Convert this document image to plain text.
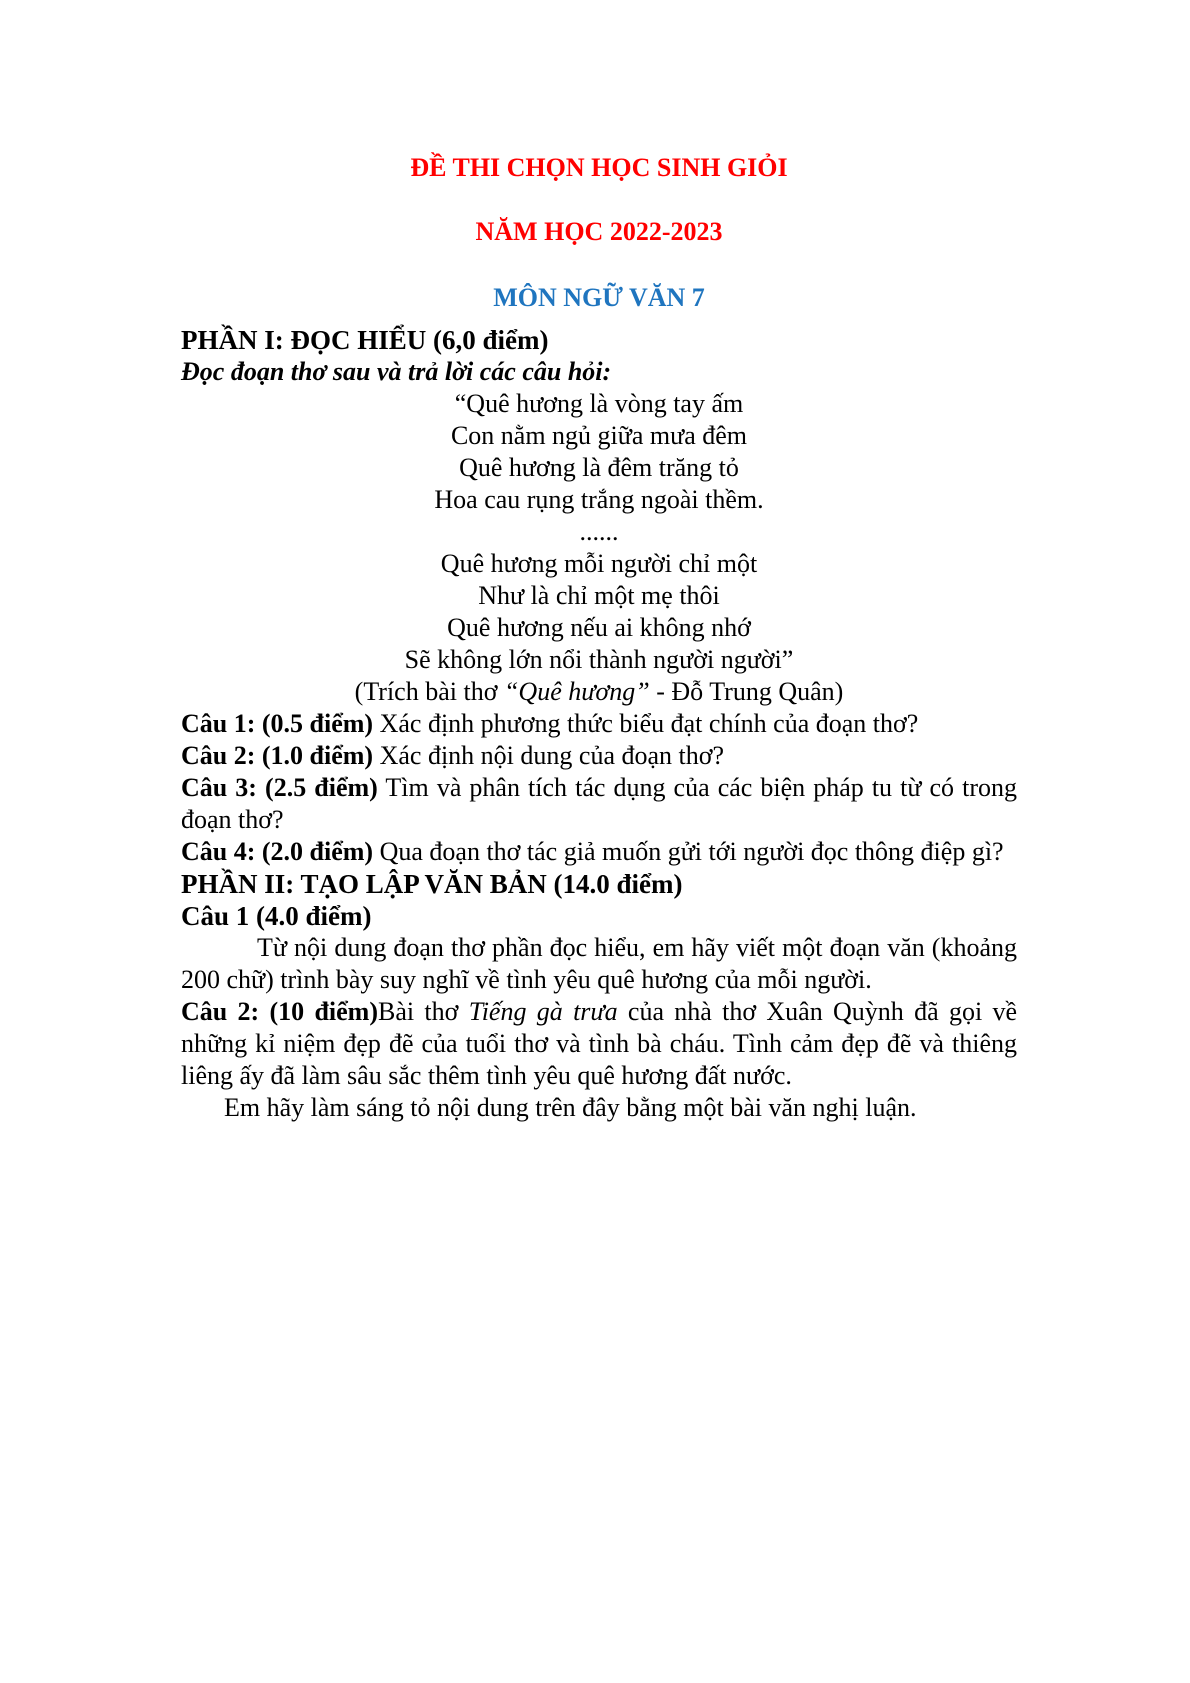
ĐỀ THI CHỌN HỌC SINH GIỎI
NĂM HỌC 2022-2023
MÔN NGỮ VĂN 7
PHẦN I: ĐỌC HIỂU (6,0 điểm)
Đọc đoạn thơ sau và trả lời các câu hỏi:
“Quê hương là vòng tay ấm
Con nằm ngủ giữa mưa đêm
Quê hương là đêm trăng tỏ
Hoa cau rụng trắng ngoài thềm.
......
Quê hương mỗi người chỉ một
Như là chỉ một mẹ thôi
Quê hương nếu ai không nhớ
Sẽ không lớn nổi thành người người”
(Trích bài thơ “Quê hương” - Đỗ Trung Quân)

Câu 1: (0.5 điểm) Xác định phương thức biểu đạt chính của đoạn thơ?

Câu 2: (1.0 điểm) Xác định nội dung của đoạn thơ?

Câu 3: (2.5 điểm) Tìm và phân tích tác dụng của các biện pháp tu từ có trong đoạn thơ?

Câu 4: (2.0 điểm) Qua đoạn thơ tác giả muốn gửi tới người đọc thông điệp gì?

PHẦN II: TẠO LẬP VĂN BẢN (14.0 điểm)
Câu 1 (4.0 điểm)

Từ nội dung đoạn thơ phần đọc hiểu, em hãy viết một đoạn văn (khoảng 200 chữ) trình bày suy nghĩ về tình yêu quê hương của mỗi người.

Câu 2: (10 điểm)Bài thơ Tiếng gà trưa của nhà thơ Xuân Quỳnh đã gọi về những kỉ niệm đẹp đẽ của tuổi thơ và tình bà cháu. Tình cảm đẹp đẽ và thiêng liêng ấy đã làm sâu sắc thêm tình yêu quê hương đất nước.

Em hãy làm sáng tỏ nội dung trên đây bằng một bài văn nghị luận.
